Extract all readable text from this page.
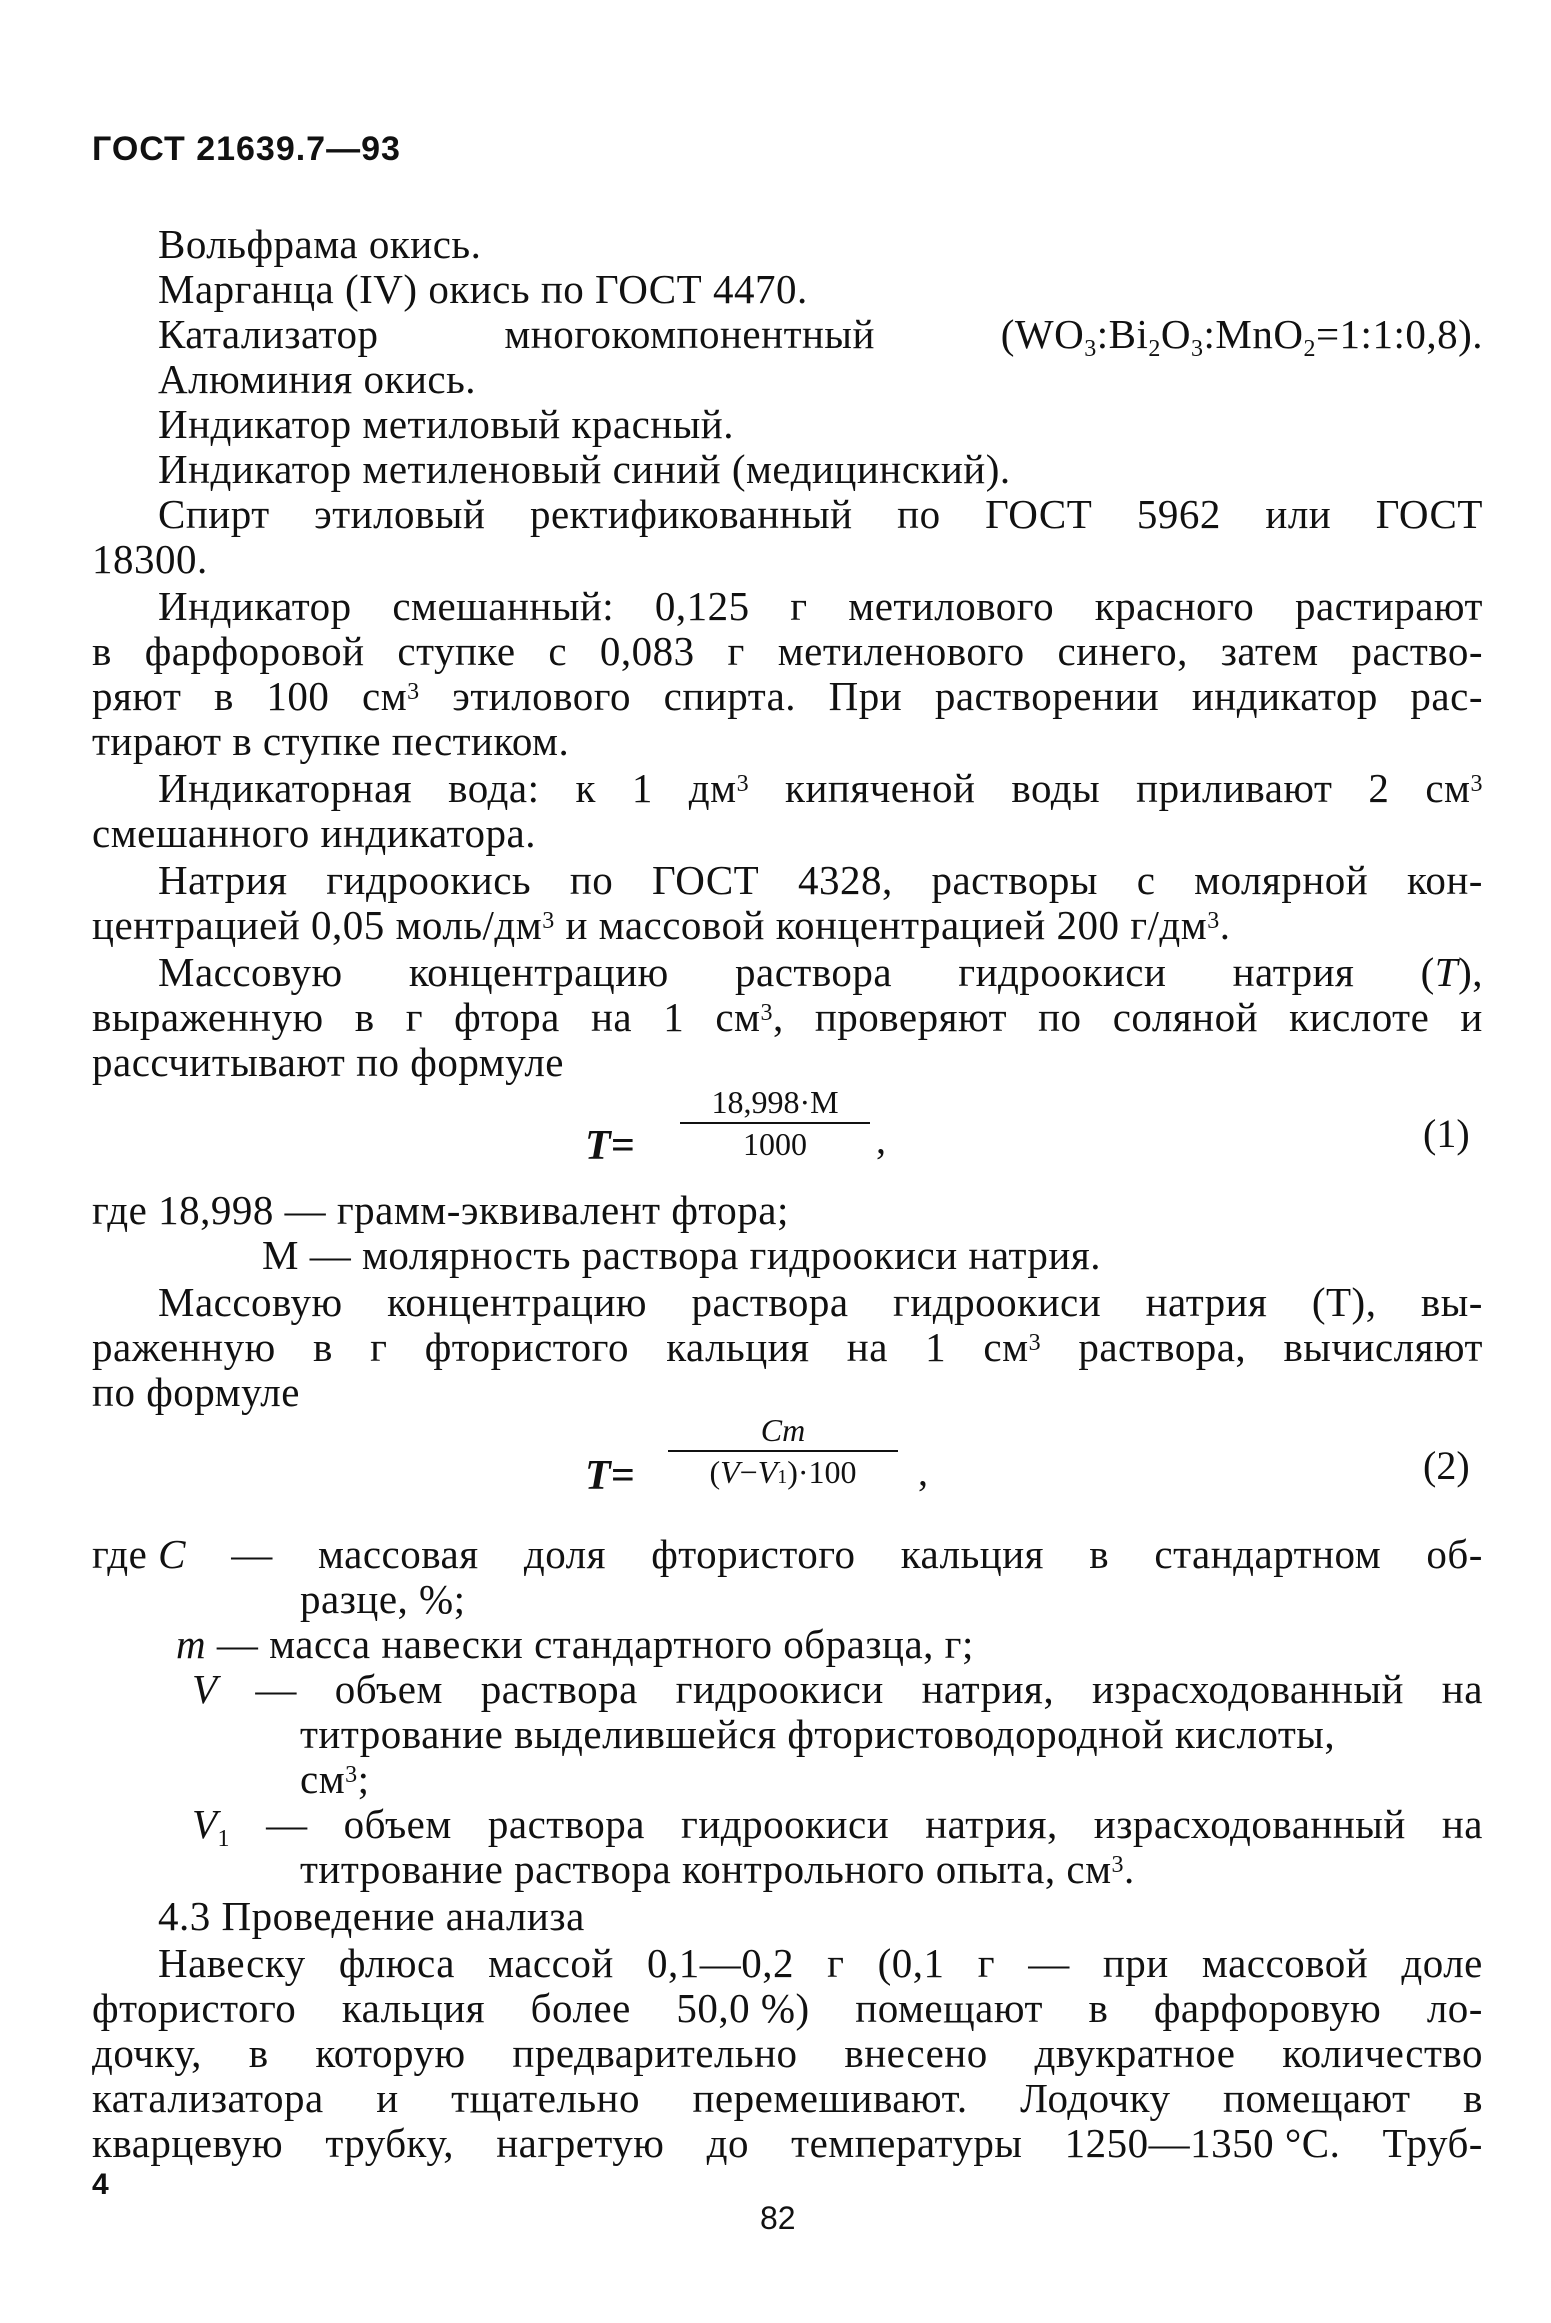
ГОСТ 21639.7—93
Вольфрама окись.
Марганца (IV) окись по ГОСТ 4470.
Катализатор	многокомпонентный	(WO3:Bi2O3:MnO2=1:1:0,8).
Алюминия окись.
Индикатор метиловый красный.
Индикатор метиленовый синий (медицинский).
Спирт этиловый ректификованный по ГОСТ 5962 или ГОСТ
18300.
Индикатор смешанный: 0,125 г метилового красного растирают
в фарфоровой ступке с 0,083 г метиленового синего, затем раство-
ряют в 100 $см^3$ этилового спирта. При растворении индикатор рас-
тирают в ступке пестиком.
Индикаторная вода: к 1 $дм^3$ кипяченой воды приливают 2 $см^3$
смешанного индикатора.
Натрия гидроокись по ГОСТ 4328, растворы с молярной кон-
центрацией 0,05 моль/$дм^3$ и массовой концентрацией 200 $г/дм^3$.
Массовую концентрацию раствора гидроокиси натрия (T),
выраженную в г фтора на 1 $см^3$, проверяют по соляной кислоте и
рассчитывают по формуле
T=
18,998·M
1000	,	(1)
где 18,998 — грамм-эквивалент фтора;
M — молярность раствора гидроокиси натрия.
Массовую концентрацию раствора гидроокиси натрия (T), вы-
раженную в г фтористого кальция на 1 $см^3$ раствора, вычисляют
по формуле
T=
Cm
(V−V1)·100	,	(2)
где C — массовая доля фтористого кальция в стандартном об-
разце, %;
m — масса навески стандартного образца, г;
V — объем раствора гидроокиси натрия, израсходованный на
титрование выделившейся фтористоводородной кислоты,
$см^3$;
V1 — объем раствора гидроокиси натрия, израсходованный на
титрование раствора контрольного опыта, $см^3$.
4.3 Проведение анализа
Навеску флюса массой 0,1—0,2 г (0,1 г — при массовой доле
фтористого кальция более 50,0 %) помещают в фарфоровую ло-
дочку, в которую предварительно внесено двукратное количество
катализатора и тщательно перемешивают. Лодочку помещают в
кварцевую трубку, нагретую до температуры 1250—1350 °C. Труб-
4
82
